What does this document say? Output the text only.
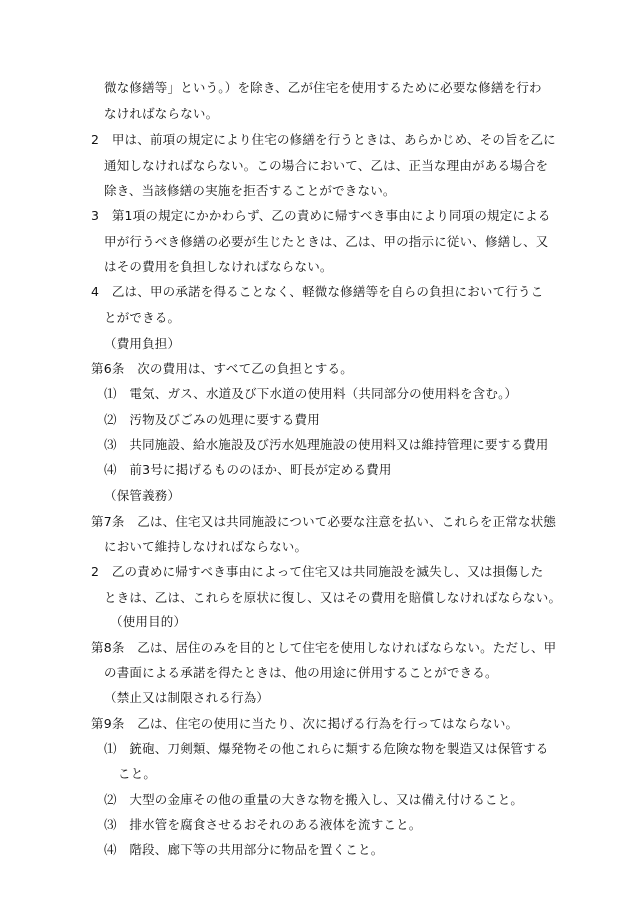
微な修繕等」という。）を除き、乙が住宅を使用するために必要な修繕を行わ
なければならない。
2　甲は、前項の規定により住宅の修繕を行うときは、あらかじめ、その旨を乙に
通知しなければならない。この場合において、乙は、正当な理由がある場合を
除き、当該修繕の実施を拒否することができない。
3　第1項の規定にかかわらず、乙の責めに帰すべき事由により同項の規定による
甲が行うべき修繕の必要が生じたときは、乙は、甲の指示に従い、修繕し、又
はその費用を負担しなければならない。
4　乙は、甲の承諾を得ることなく、軽微な修繕等を自らの負担において行うこ
とができる。
（費用負担）
第6条　次の費用は、すべて乙の負担とする。
⑴　電気、ガス、水道及び下水道の使用料（共同部分の使用料を含む。）
⑵　汚物及びごみの処理に要する費用
⑶　共同施設、給水施設及び汚水処理施設の使用料又は維持管理に要する費用
⑷　前3号に掲げるもののほか、町長が定める費用
（保管義務）
第7条　乙は、住宅又は共同施設について必要な注意を払い、これらを正常な状態
において維持しなければならない。
2　乙の責めに帰すべき事由によって住宅又は共同施設を滅失し、又は損傷した
ときは、乙は、これらを原状に復し、又はその費用を賠償しなければならない。
（使用目的）
第8条　乙は、居住のみを目的として住宅を使用しなければならない。ただし、甲
の書面による承諾を得たときは、他の用途に併用することができる。
（禁止又は制限される行為）
第9条　乙は、住宅の使用に当たり、次に掲げる行為を行ってはならない。
⑴　銃砲、刀剣類、爆発物その他これらに類する危険な物を製造又は保管する
こと。
⑵　大型の金庫その他の重量の大きな物を搬入し、又は備え付けること。
⑶　排水管を腐食させるおそれのある液体を流すこと。
⑷　階段、廊下等の共用部分に物品を置くこと。
